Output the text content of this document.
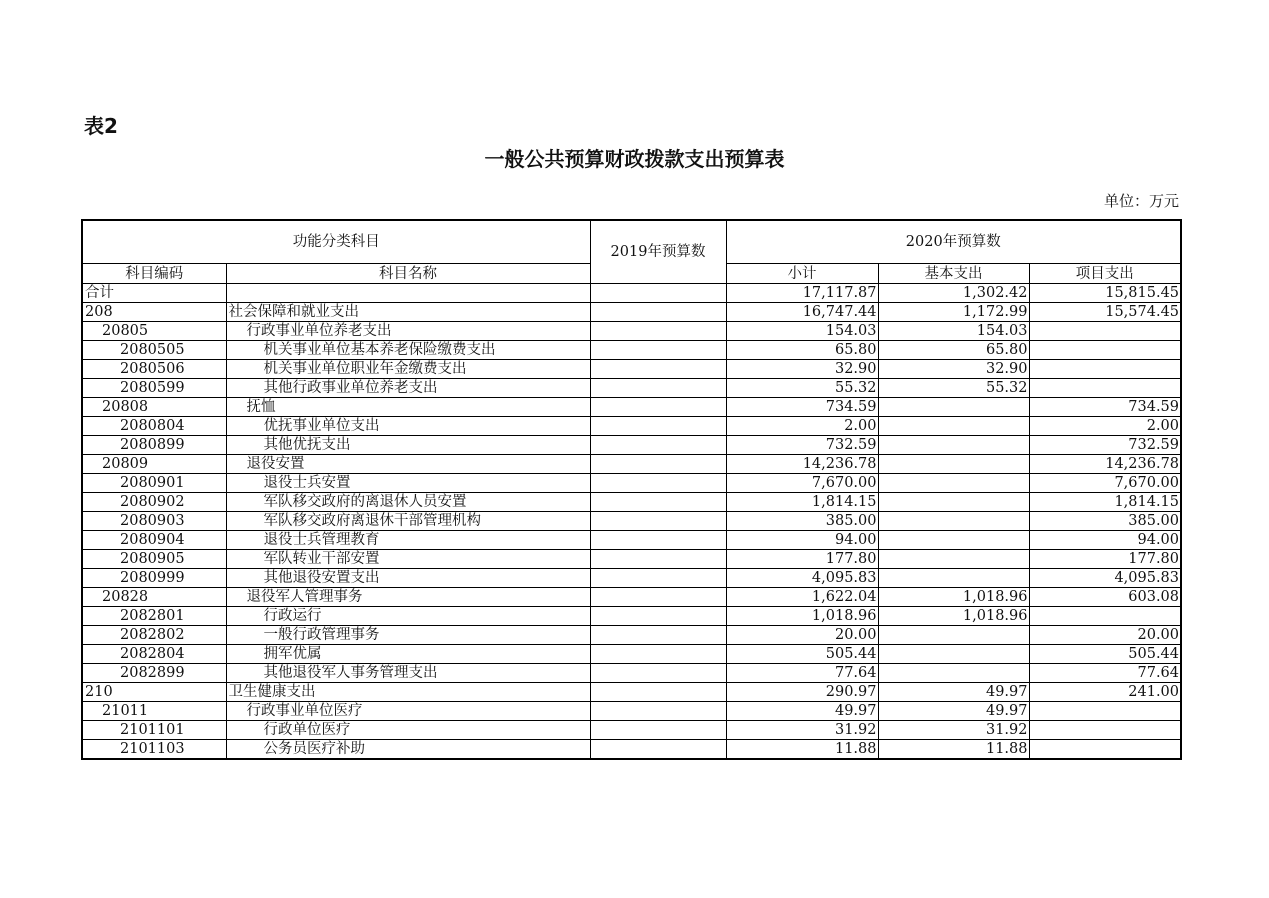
表2
一般公共预算财政拨款支出预算表
单位：万元
功能分类科目		2019年预算数	2020年预算数		
科目编码	科目名称		小计	基本支出	项目支出
合计			17,117.87	1,302.42	15,815.45
208	社会保障和就业支出		16,747.44	1,172.99	15,574.45
20805	行政事业单位养老支出		154.03	154.03	
2080505	机关事业单位基本养老保险缴费支出		65.80	65.80	
2080506	机关事业单位职业年金缴费支出		32.90	32.90	
2080599	其他行政事业单位养老支出		55.32	55.32	
20808	抚恤		734.59		734.59
2080804	优抚事业单位支出		2.00		2.00
2080899	其他优抚支出		732.59		732.59
20809	退役安置		14,236.78		14,236.78
2080901	退役士兵安置		7,670.00		7,670.00
2080902	军队移交政府的离退休人员安置		1,814.15		1,814.15
2080903	军队移交政府离退休干部管理机构		385.00		385.00
2080904	退役士兵管理教育		94.00		94.00
2080905	军队转业干部安置		177.80		177.80
2080999	其他退役安置支出		4,095.83		4,095.83
20828	退役军人管理事务		1,622.04	1,018.96	603.08
2082801	行政运行		1,018.96	1,018.96	
2082802	一般行政管理事务		20.00		20.00
2082804	拥军优属		505.44		505.44
2082899	其他退役军人事务管理支出		77.64		77.64
210	卫生健康支出		290.97	49.97	241.00
21011	行政事业单位医疗		49.97	49.97	
2101101	行政单位医疗		31.92	31.92	
2101103	公务员医疗补助		11.88	11.88	
